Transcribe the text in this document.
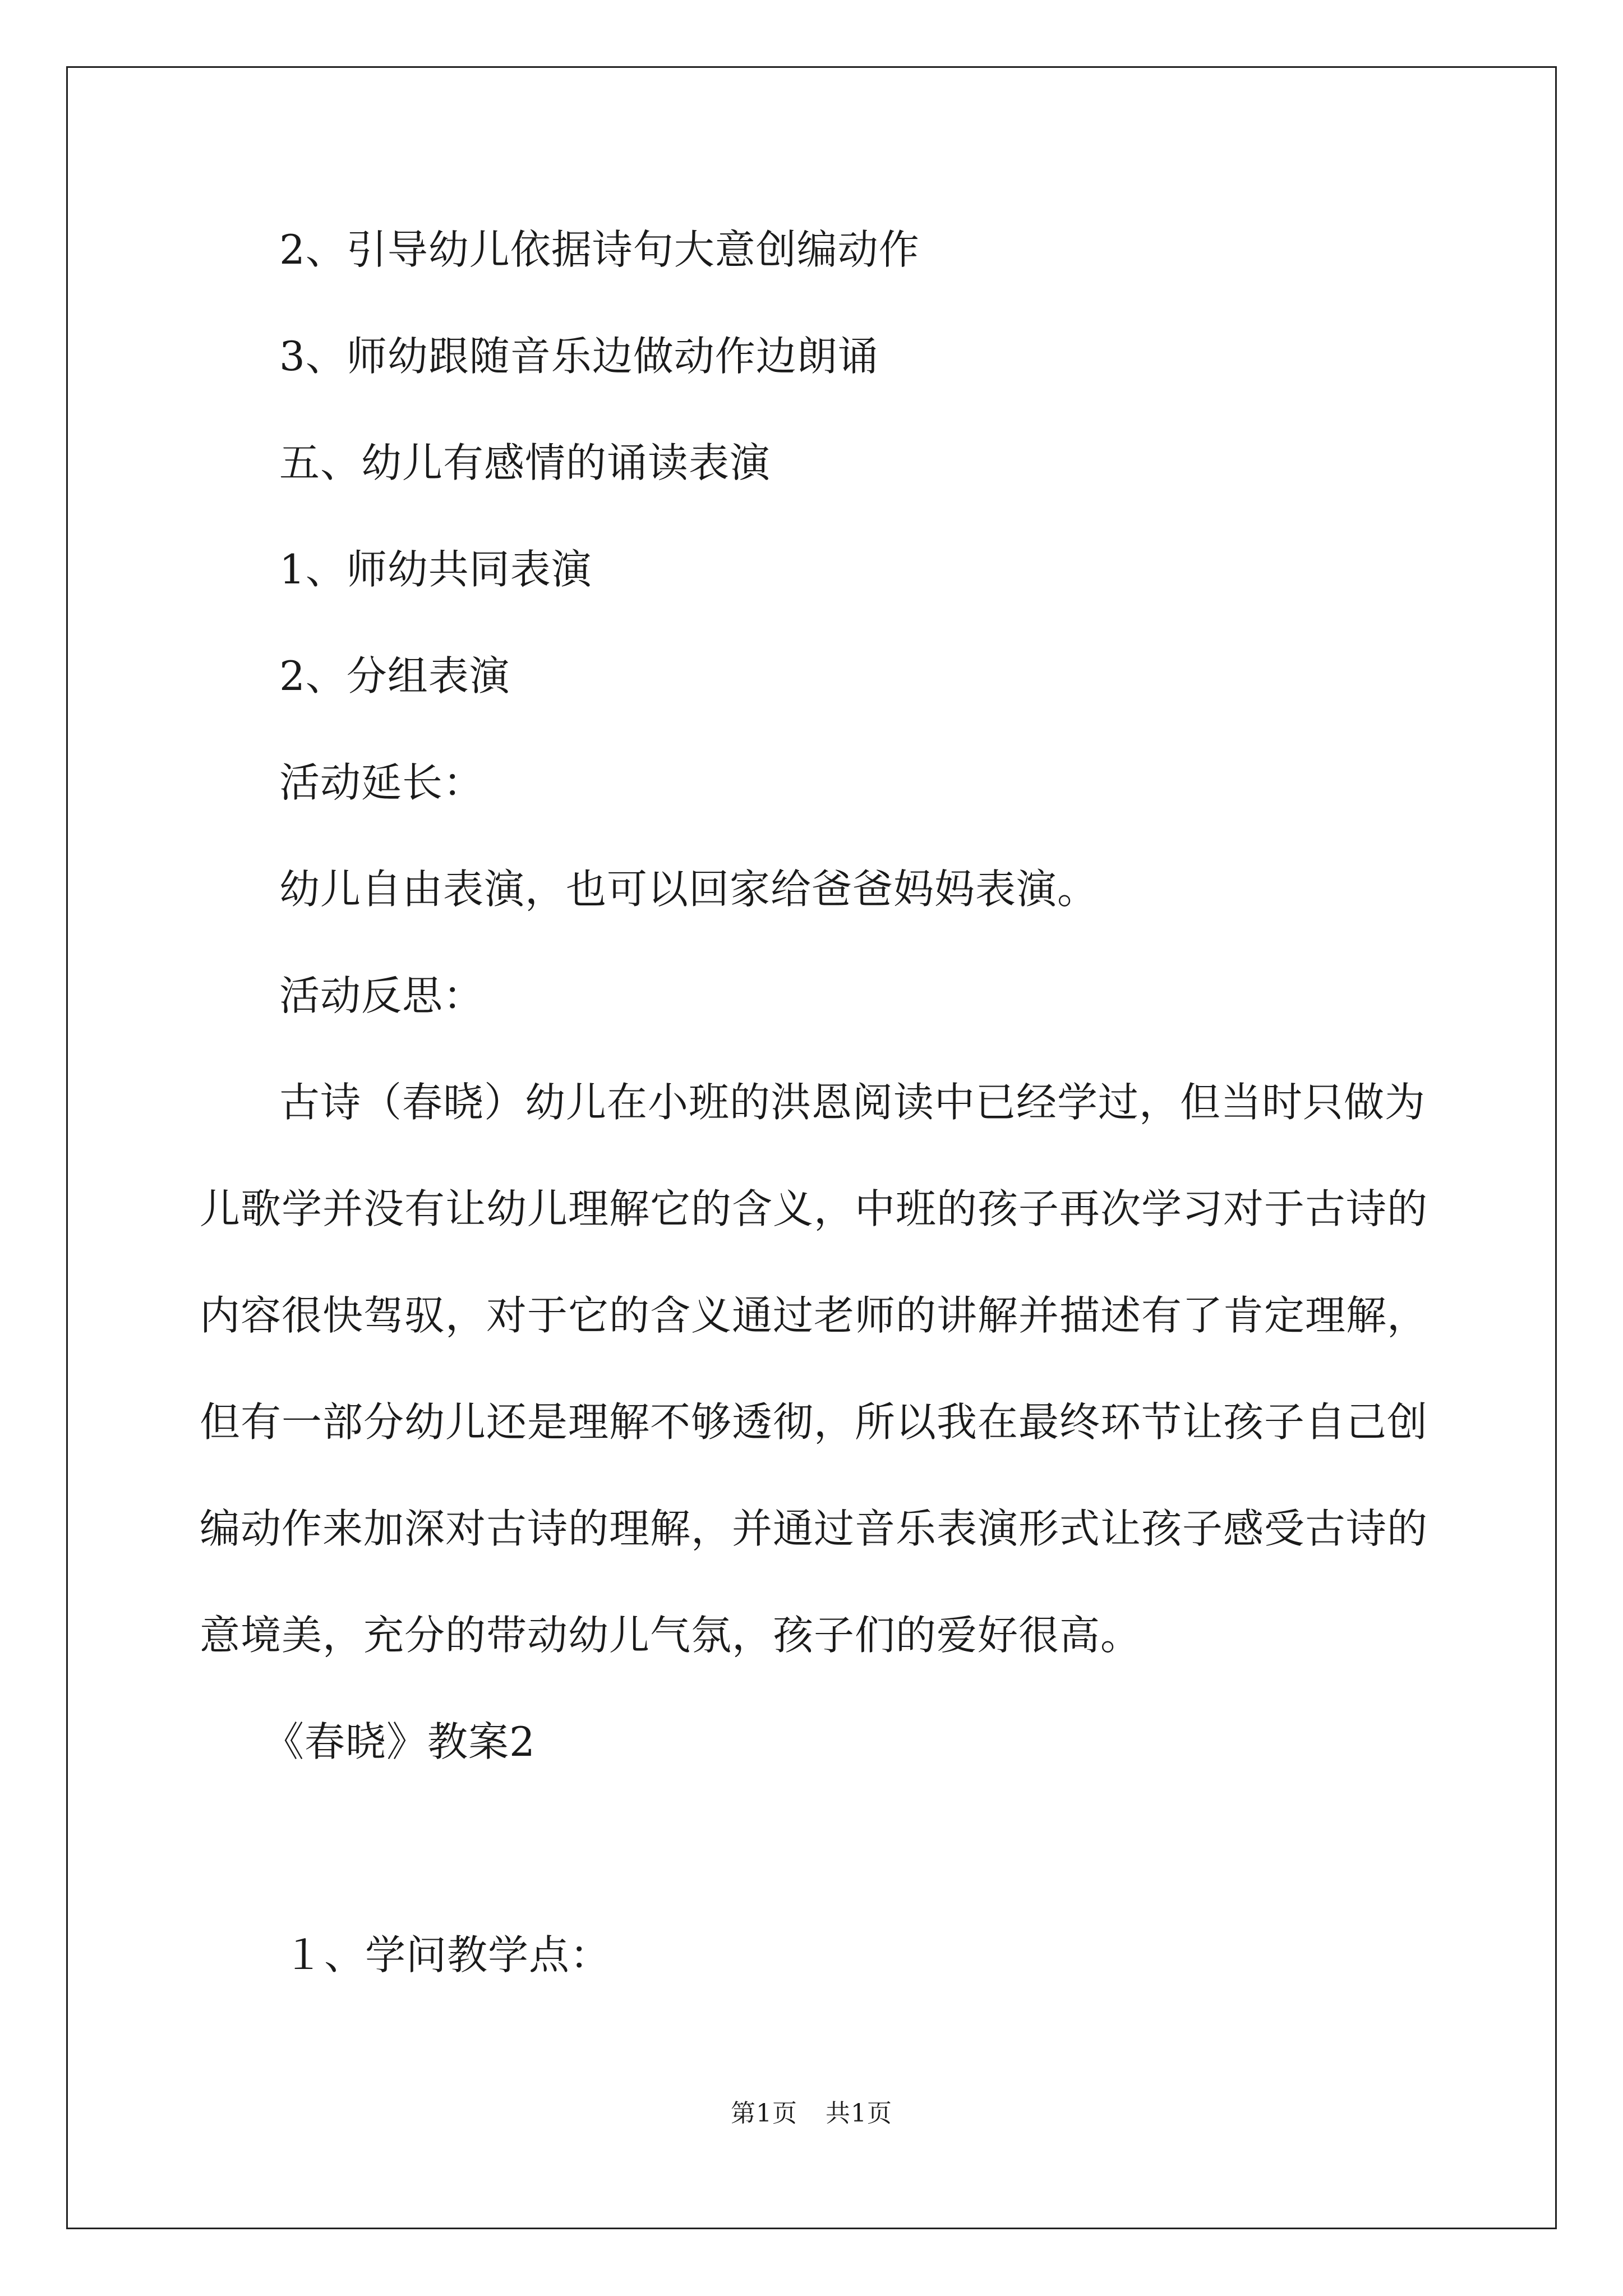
2、引导幼儿依据诗句大意创编动作
3、师幼跟随音乐边做动作边朗诵
五、幼儿有感情的诵读表演
1、师幼共同表演
2、分组表演
活动延长：
幼儿自由表演，也可以回家给爸爸妈妈表演。
活动反思：
古诗（春晓）幼儿在小班的洪恩阅读中已经学过，但当时只做为
儿歌学并没有让幼儿理解它的含义，中班的孩子再次学习对于古诗的
内容很快驾驭，对于它的含义通过老师的讲解并描述有了肯定理解，
但有一部分幼儿还是理解不够透彻，所以我在最终环节让孩子自己创
编动作来加深对古诗的理解，并通过音乐表演形式让孩子感受古诗的
意境美，充分的带动幼儿气氛，孩子们的爱好很高。
《春晓》教案2
１、学问教学点：
第1页 共1页
